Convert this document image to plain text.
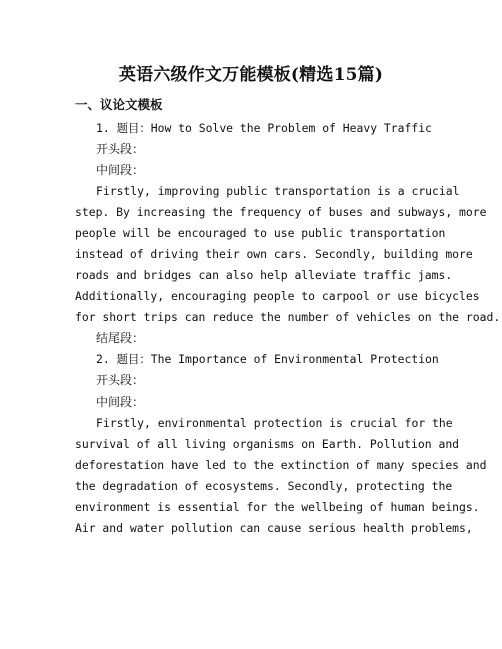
英语六级作文万能模板(精选15篇)
一、议论文模板
1. 题目：How to Solve the Problem of Heavy Traffic
开头段：
中间段：
Firstly, improving public transportation is a crucial
step. By increasing the frequency of buses and subways, more
people will be encouraged to use public transportation
instead of driving their own cars. Secondly, building more
roads and bridges can also help alleviate traffic jams.
Additionally, encouraging people to carpool or use bicycles
for short trips can reduce the number of vehicles on the road.
结尾段：
2. 题目：The Importance of Environmental Protection
开头段：
中间段：
Firstly, environmental protection is crucial for the
survival of all living organisms on Earth. Pollution and
deforestation have led to the extinction of many species and
the degradation of ecosystems. Secondly, protecting the
environment is essential for the wellbeing of human beings.
Air and water pollution can cause serious health problems,
